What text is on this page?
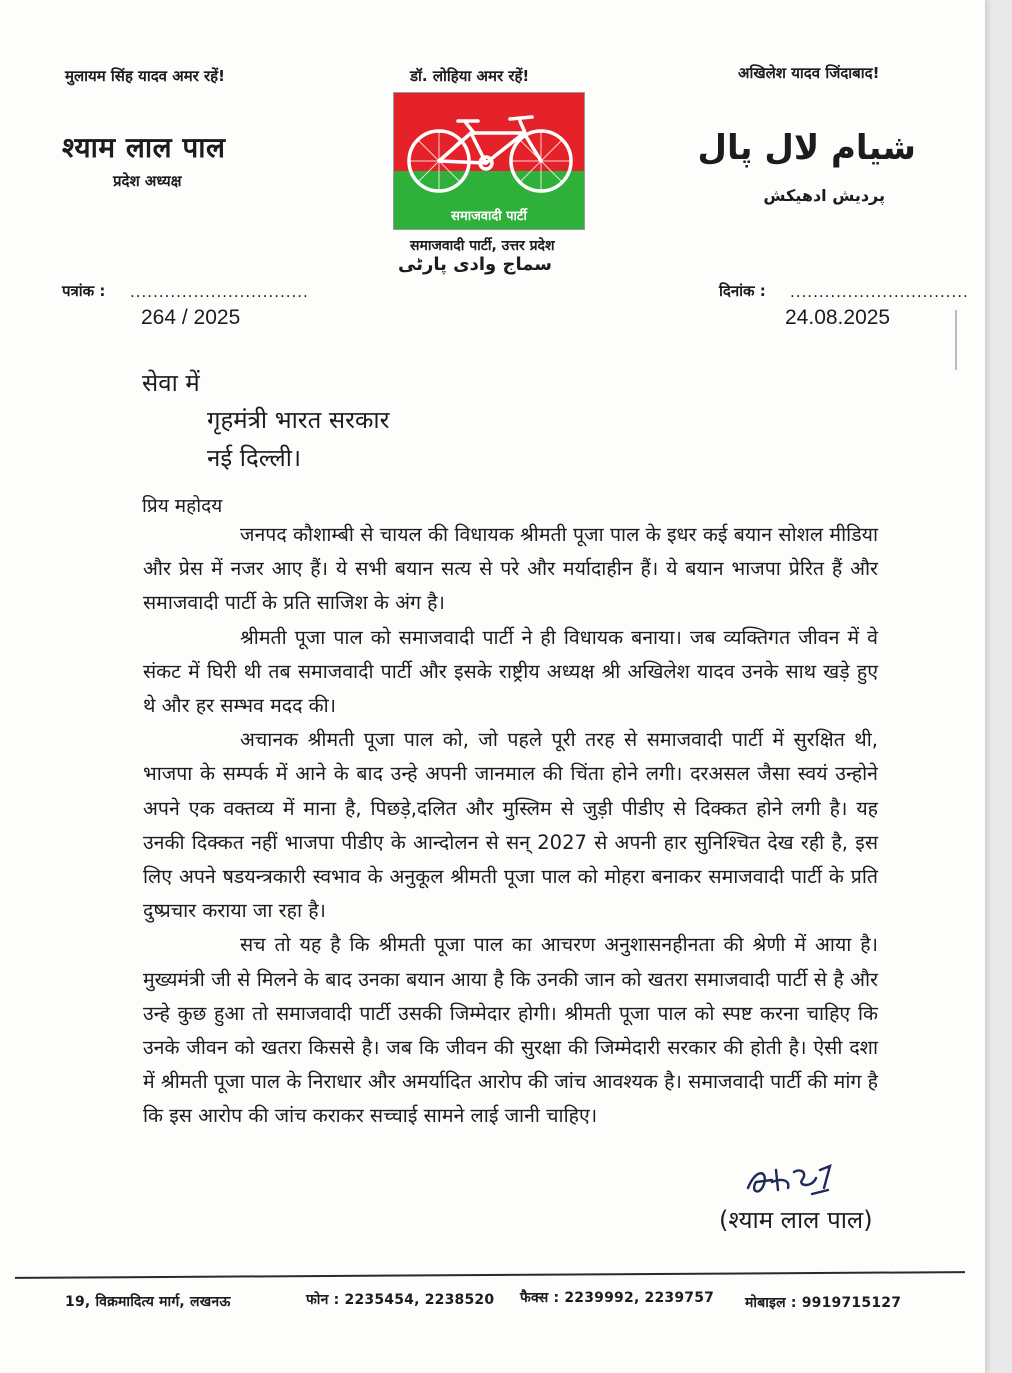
मुलायम सिंह यादव अमर रहें!	डॉ. लोहिया अमर रहें!	अखिलेश यादव जिंदाबाद!
श्याम लाल पाल
प्रदेश अध्यक्ष
شیام لال پال
پردیش ادھیکش
समाजवादी पार्टी
समाजवादी पार्टी, उत्तर प्रदेश
سماج وادی پارٹی
पत्रांक : ...............................
264 / 2025
दिनांक : ...............................
24.08.2025
सेवा में
गृहमंत्री भारत सरकार
नई दिल्ली।
प्रिय महोदय

जनपद कौशाम्बी से चायल की विधायक श्रीमती पूजा पाल के इधर कई बयान सोशल मीडिया और प्रेस में नजर आए हैं। ये सभी बयान सत्य से परे और मर्यादाहीन हैं। ये बयान भाजपा प्रेरित हैं और समाजवादी पार्टी के प्रति साजिश के अंग है।

श्रीमती पूजा पाल को समाजवादी पार्टी ने ही विधायक बनाया। जब व्यक्तिगत जीवन में वे संकट में घिरी थी तब समाजवादी पार्टी और इसके राष्ट्रीय अध्यक्ष श्री अखिलेश यादव उनके साथ खड़े हुए थे और हर सम्भव मदद की।

अचानक श्रीमती पूजा पाल को, जो पहले पूरी तरह से समाजवादी पार्टी में सुरक्षित थी, भाजपा के सम्पर्क में आने के बाद उन्हे अपनी जानमाल की चिंता होने लगी। दरअसल जैसा स्वयं उन्होने अपने एक वक्तव्य में माना है, पिछड़े,दलित और मुस्लिम से जुड़ी पीडीए से दिक्कत होने लगी है। यह उनकी दिक्कत नहीं भाजपा पीडीए के आन्दोलन से सन् 2027 से अपनी हार सुनिश्चित देख रही है, इस लिए अपने षडयन्त्रकारी स्वभाव के अनुकूल श्रीमती पूजा पाल को मोहरा बनाकर समाजवादी पार्टी के प्रति दुष्प्रचार कराया जा रहा है।

सच तो यह है कि श्रीमती पूजा पाल का आचरण अनुशासनहीनता की श्रेणी में आया है। मुख्यमंत्री जी से मिलने के बाद उनका बयान आया है कि उनकी जान को खतरा समाजवादी पार्टी से है और उन्हे कुछ हुआ तो समाजवादी पार्टी उसकी जिम्मेदार होगी। श्रीमती पूजा पाल को स्पष्ट करना चाहिए कि उनके जीवन को खतरा किससे है। जब कि जीवन की सुरक्षा की जिम्मेदारी सरकार की होती है। ऐसी दशा में श्रीमती पूजा पाल के निराधार और अमर्यादित आरोप की जांच आवश्यक है। समाजवादी पार्टी की मांग है कि इस आरोप की जांच कराकर सच्चाई सामने लाई जानी चाहिए।

(श्याम लाल पाल)
19, विक्रमादित्य मार्ग, लखनऊ	फोन : 2235454, 2238520 फैक्स : 2239992, 2239757 मोबाइल : 9919715127
